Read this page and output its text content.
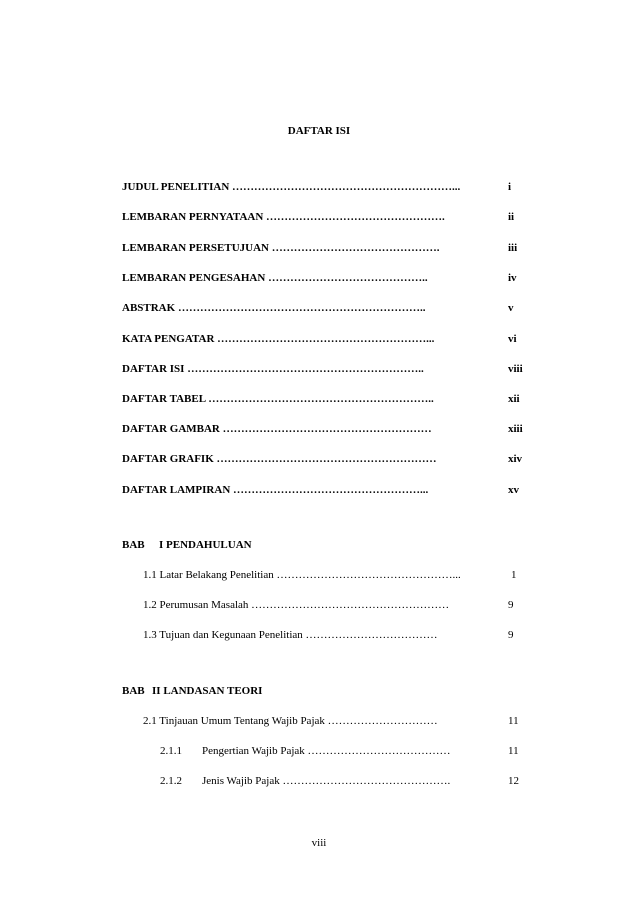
DAFTAR ISI
JUDUL PENELITIAN ……………………………………………………...	i
LEMBARAN PERNYATAAN ………………………………………….	ii
LEMBARAN PERSETUJUAN ……………………………………….	iii
LEMBARAN PENGESAHAN ……………………………………..	iv
ABSTRAK …………………………………………………………..	v
KATA PENGATAR …………………………………………………...	vi
DAFTAR ISI ………………………………………………………..	viii
DAFTAR TABEL ……………………………………………………..	xii
DAFTAR GAMBAR …………………………………………………	xiii
DAFTAR GRAFIK ……………………………………………………	xiv
DAFTAR LAMPIRAN ……………………………………………...	xv
BAB I PENDAHULUAN
1.1 Latar Belakang Penelitian …………………………………………...	1
1.2 Perumusan Masalah ………………………………………………	9
1.3 Tujuan dan Kegunaan Penelitian ………………………………	9
BAB II LANDASAN TEORI
2.1 Tinjauan Umum Tentang Wajib Pajak …………………………	11
2.1.1 Pengertian Wajib Pajak …………………………………	11
2.1.2 Jenis Wajib Pajak ……………………………………….	12
viii
